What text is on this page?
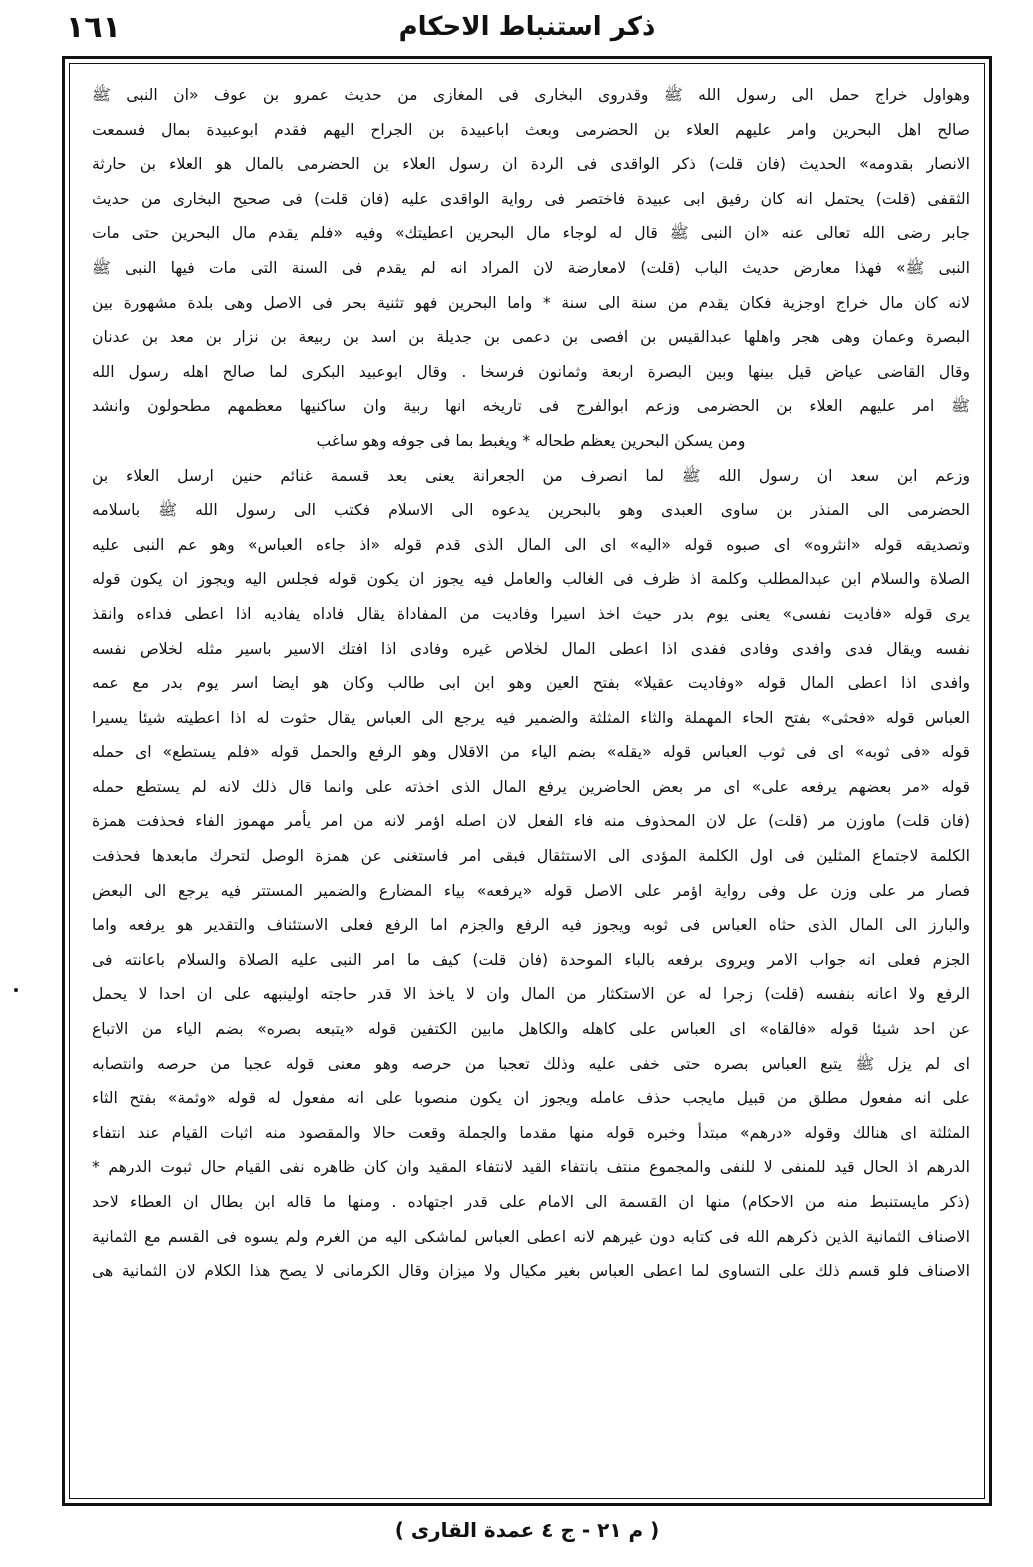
ذكر استنباط الاحكام
١٦١
وهواول خراج حمل الى رسول الله ﷺ وقدروى البخارى فى المغازى من حديث عمرو بن عوف «ان النبى ﷺ
صالح اهل البحرين وامر عليهم العلاء بن الحضرمى وبعث اباعبيدة بن الجراح اليهم فقدم ابوعبيدة بمال فسمعت
الانصار بقدومه» الحديث (فان قلت) ذكر الواقدى فى الردة ان رسول العلاء بن الحضرمى بالمال هو العلاء بن حارثة
الثقفى (قلت) يحتمل انه كان رفيق ابى عبيدة فاختصر فى رواية الواقدى عليه (فان قلت) فى صحيح البخارى من حديث
جابر رضى الله تعالى عنه «ان النبى ﷺ قال له لوجاء مال البحرين اعطيتك» وفيه «فلم يقدم مال البحرين حتى مات
النبى ﷺ» فهذا معارض حديث الباب (قلت) لامعارضة لان المراد انه لم يقدم فى السنة التى مات فيها النبى ﷺ
لانه كان مال خراج اوجزية فكان يقدم من سنة الى سنة * واما البحرين فهو تثنية بحر فى الاصل وهى بلدة مشهورة بين
البصرة وعمان وهى هجر واهلها عبدالقيس بن افصى بن دعمى بن جديلة بن اسد بن ربيعة بن نزار بن معد بن عدنان
وقال القاضى عياض قيل بينها وبين البصرة اربعة وثمانون فرسخا . وقال ابوعبيد البكرى لما صالح اهله رسول الله
ﷺ امر عليهم العلاء بن الحضرمى وزعم ابوالفرج فى تاريخه انها ربية وان ساكنيها معظمهم مطحولون وانشد
ومن يسكن البحرين يعظم طحاله * ويغبط بما فى جوفه وهو ساغب
وزعم ابن سعد ان رسول الله ﷺ لما انصرف من الجعرانة يعنى بعد قسمة غنائم حنين ارسل العلاء بن
الحضرمى الى المنذر بن ساوى العبدى وهو بالبحرين يدعوه الى الاسلام فكتب الى رسول الله ﷺ باسلامه
وتصديقه قوله «انثروه» اى صبوه قوله «اليه» اى الى المال الذى قدم قوله «اذ جاءه العباس» وهو عم النبى عليه
الصلاة والسلام ابن عبدالمطلب وكلمة اذ ظرف فى الغالب والعامل فيه يجوز ان يكون قوله فجلس اليه ويجوز ان يكون قوله
يرى قوله «فاديت نفسى» يعنى يوم بدر حيث اخذ اسيرا وفاديت من المفاداة يقال فاداه يفاديه اذا اعطى فداءه وانقذ
نفسه ويقال فدى وافدى وفادى ففدى اذا اعطى المال لخلاص غيره وفادى اذا افتك الاسير باسير مثله لخلاص نفسه
وافدى اذا اعطى المال قوله «وفاديت عقيلا» بفتح العين وهو ابن ابى طالب وكان هو ايضا اسر يوم بدر مع عمه
العباس قوله «فحثى» بفتح الحاء المهملة والثاء المثلثة والضمير فيه يرجع الى العباس يقال حثوت له اذا اعطيته شيئا يسيرا
قوله «فى ثوبه» اى فى ثوب العباس قوله «يقله» بضم الياء من الاقلال وهو الرفع والحمل قوله «فلم يستطع» اى حمله
قوله «مر بعضهم يرفعه على» اى مر بعض الحاضرين يرفع المال الذى اخذته على وانما قال ذلك لانه لم يستطع حمله
(فان قلت) ماوزن مر (قلت) عل لان المحذوف منه فاء الفعل لان اصله اؤمر لانه من امر يأمر مهموز الفاء فحذفت همزة
الكلمة لاجتماع المثلين فى اول الكلمة المؤدى الى الاستثقال فبقى امر فاستغنى عن همزة الوصل لتحرك مابعدها فحذفت
فصار مر على وزن عل وفى رواية اؤمر على الاصل قوله «يرفعه» بياء المضارع والضمير المستتر فيه يرجع الى البعض
والبارز الى المال الذى حثاه العباس فى ثوبه ويجوز فيه الرفع والجزم اما الرفع فعلى الاستئناف والتقدير هو يرفعه واما
الجزم فعلى انه جواب الامر ويروى برفعه بالباء الموحدة (فان قلت) كيف ما امر النبى عليه الصلاة والسلام باعانته فى
الرفع ولا اعانه بنفسه (قلت) زجرا له عن الاستكثار من المال وان لا ياخذ الا قدر حاجته اولينبهه على ان احدا لا يحمل
عن احد شيئا قوله «فالقاه» اى العباس على كاهله والكاهل مابين الكتفين قوله «يتبعه بصره» بضم الياء من الاتباع
اى لم يزل ﷺ يتبع العباس بصره حتى خفى عليه وذلك تعجبا من حرصه وهو معنى قوله عجبا من حرصه وانتصابه
على انه مفعول مطلق من قبيل مايجب حذف عامله ويجوز ان يكون منصوبا على انه مفعول له قوله «وثمة» بفتح الثاء
المثلثة اى هنالك وقوله «درهم» مبتدأ وخبره قوله منها مقدما والجملة وقعت حالا والمقصود منه اثبات القيام عند انتفاء
الدرهم اذ الحال قيد للمنفى لا للنفى والمجموع منتف بانتفاء القيد لانتفاء المقيد وان كان ظاهره نفى القيام حال ثبوت الدرهم *
(ذكر مايستنبط منه من الاحكام) منها ان القسمة الى الامام على قدر اجتهاده . ومنها ما قاله ابن بطال ان العطاء لاحد
الاصناف الثمانية الذين ذكرهم الله فى كتابه دون غيرهم لانه اعطى العباس لماشكى اليه من الغرم ولم يسوه فى القسم مع الثمانية
الاصناف فلو قسم ذلك على التساوى لما اعطى العباس بغير مكيال ولا ميزان وقال الكرمانى لا يصح هذا الكلام لان الثمانية هى
( م ٢١ - ج ٤ عمدة القارى )
